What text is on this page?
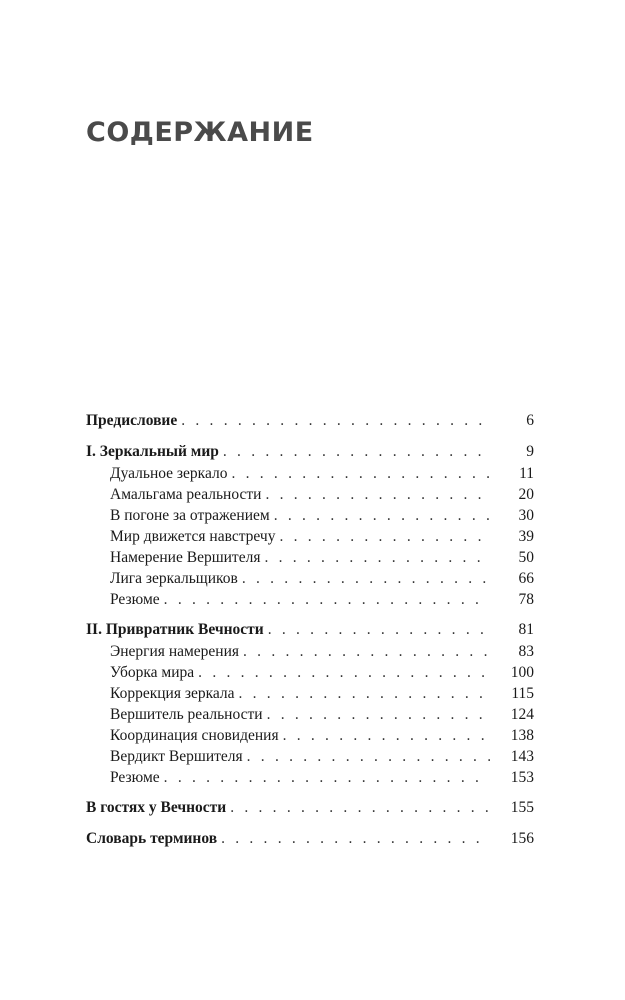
СОДЕРЖАНИЕ
Предисловие . . .	6
I. Зеркальный мир . . .	9
Дуальное зеркало . . .	11
Амальгама реальности . . .	20
В погоне за отражением . . .	30
Мир движется навстречу . . .	39
Намерение Вершителя . . .	50
Лига зеркальщиков . . .	66
Резюме . . .	78
II. Привратник Вечности . . .	81
Энергия намерения . . .	83
Уборка мира . . .	100
Коррекция зеркала . . .	115
Вершитель реальности . . .	124
Координация сновидения . . .	138
Вердикт Вершителя . . .	143
Резюме . . .	153
В гостях у Вечности . . .	155
Словарь терминов . . .	156
